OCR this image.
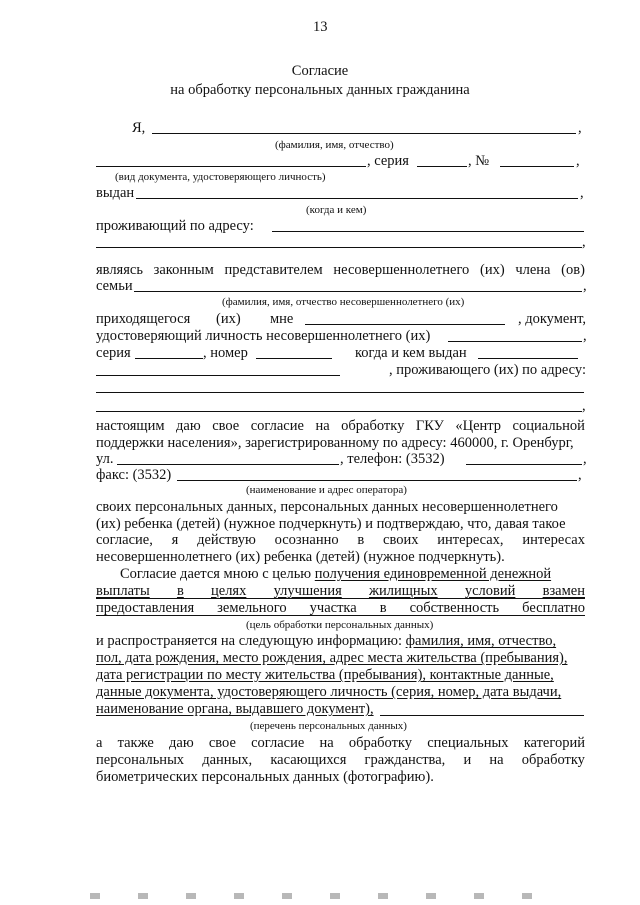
13
Согласие
на обработку персональных данных гражданина
Я,	,
(фамилия, имя, отчество)
, серия	, №	,
(вид документа, удостоверяющего личность)
выдан	,
(когда и кем)
проживающий по адресу:
,
являясь законным представителем несовершеннолетнего (их) члена (ов)
семьи	,
(фамилия, имя, отчество несовершеннолетнего (их)
приходящегося (их) мне	, документ,
удостоверяющий личность несовершеннолетнего (их)	,
серия	, номер	когда и кем выдан
, проживающего (их) по адресу:
,
настоящим даю свое согласие на обработку ГКУ «Центр социальной
поддержки населения», зарегистрированному по адресу: 460000, г. Оренбург,
ул.	, телефон: (3532)	,
факс: (3532)	,
(наименование и адрес оператора)
своих персональных данных, персональных данных несовершеннолетнего
(их) ребенка (детей) (нужное подчеркнуть) и подтверждаю, что, давая такое
согласие, я действую осознанно в своих интересах, интересах
несовершеннолетнего (их) ребенка (детей) (нужное подчеркнуть).
Согласие дается мною с целью получения единовременной денежной
выплаты в целях улучшения жилищных условий взамен
предоставления земельного участка в собственность бесплатно
(цель обработки персональных данных)
и распространяется на следующую информацию: фамилия, имя, отчество,
пол, дата рождения, место рождения, адрес места жительства (пребывания),
дата регистрации по месту жительства (пребывания), контактные данные,
данные документа, удостоверяющего личность (серия, номер, дата выдачи,
наименование органа, выдавшего документ),
(перечень персональных данных)
а также даю свое согласие на обработку специальных категорий
персональных данных, касающихся гражданства, и на обработку
биометрических персональных данных (фотографию).
